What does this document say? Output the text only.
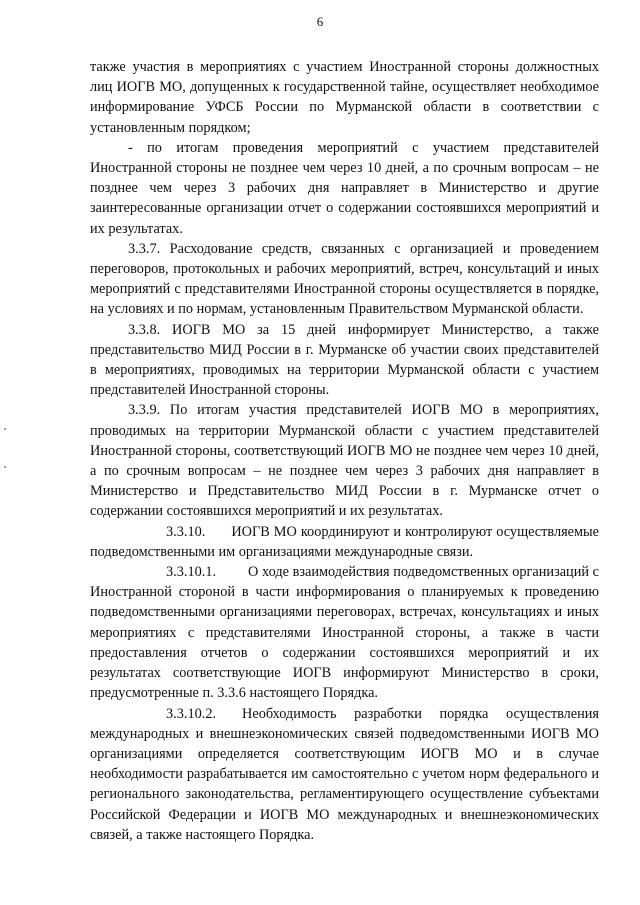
6

также участия в мероприятиях с участием Иностранной стороны должностных лиц ИОГВ МО, допущенных к государственной тайне, осуществляет необходимое информирование УФСБ России по Мурманской области в соответствии с установленным порядком;

- по итогам проведения мероприятий с участием представителей Иностранной стороны не позднее чем через 10 дней, а по срочным вопросам – не позднее чем через 3 рабочих дня направляет в Министерство и другие заинтересованные организации отчет о содержании состоявшихся мероприятий и их результатах.

3.3.7. Расходование средств, связанных с организацией и проведением переговоров, протокольных и рабочих мероприятий, встреч, консультаций и иных мероприятий с представителями Иностранной стороны осуществляется в порядке, на условиях и по нормам, установленным Правительством Мурманской области.

3.3.8. ИОГВ МО за 15 дней информирует Министерство, а также представительство МИД России в г. Мурманске об участии своих представителей в мероприятиях, проводимых на территории Мурманской области с участием представителей Иностранной стороны.

3.3.9. По итогам участия представителей ИОГВ МО в мероприятиях, проводимых на территории Мурманской области с участием представителей Иностранной стороны, соответствующий ИОГВ МО не позднее чем через 10 дней, а по срочным вопросам – не позднее чем через 3 рабочих дня направляет в Министерство и Представительство МИД России в г. Мурманске отчет о содержании состоявшихся мероприятий и их результатах.

3.3.10. ИОГВ МО координируют и контролируют осуществляемые подведомственными им организациями международные связи.

3.3.10.1. О ходе взаимодействия подведомственных организаций с Иностранной стороной в части информирования о планируемых к проведению подведомственными организациями переговорах, встречах, консультациях и иных мероприятиях с представителями Иностранной стороны, а также в части предоставления отчетов о содержании состоявшихся мероприятий и их результатах соответствующие ИОГВ информируют Министерство в сроки, предусмотренные п. 3.3.6 настоящего Порядка.

3.3.10.2. Необходимость разработки порядка осуществления международных и внешнеэкономических связей подведомственными ИОГВ МО организациями определяется соответствующим ИОГВ МО и в случае необходимости разрабатывается им самостоятельно с учетом норм федерального и регионального законодательства, регламентирующего осуществление субъектами Российской Федерации и ИОГВ МО международных и внешнеэкономических связей, а также настоящего Порядка.
